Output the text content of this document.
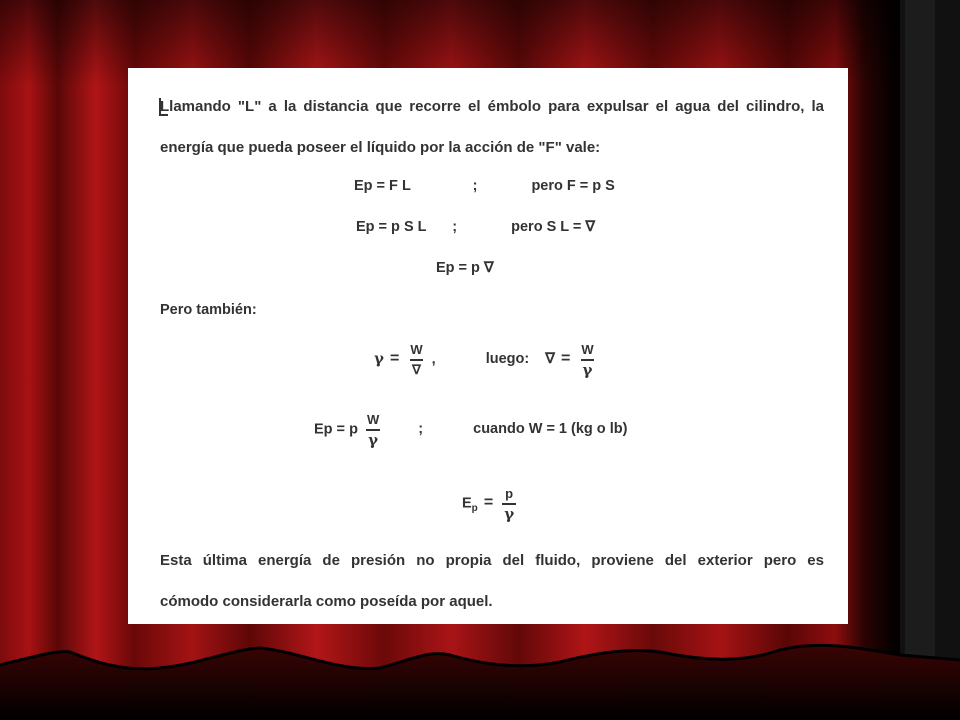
Llamando "L" a la distancia que recorre el émbolo para expulsar el agua del cilindro, la

energía que pueda poseer el líquido por la acción de "F" vale:

Ep = F L	;	pero F = p S
Ep = p S L ;	pero S L = ∇
Ep = p ∇
Pero también:
$\gamma = \frac{W}{\nabla}$ ,	luego: ∇ = $\frac{W}{\gamma}$
Ep = p $\frac{W}{\gamma}$	;	cuando W = 1 (kg o lb)
$E_p = \frac{p}{\gamma}$

Esta última energía de presión no propia del fluido, proviene del exterior pero es

cómodo considerarla como poseída por aquel.
